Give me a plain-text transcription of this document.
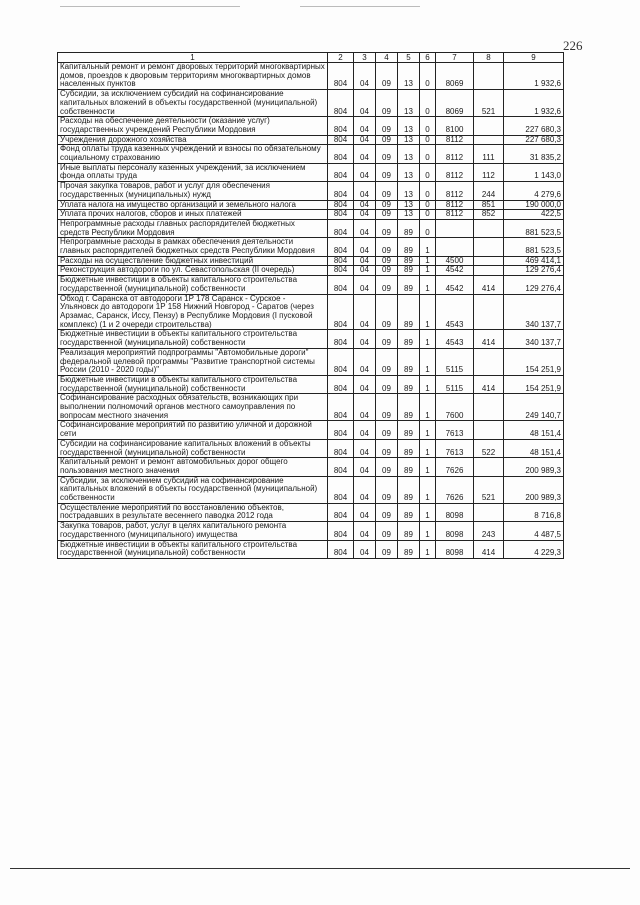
226
1	2	3	4	5	6	7	8	9
Капитальный ремонт и ремонт дворовых территорий многоквартирных домов, проездов к дворовым территориям многоквартирных домов населенных пунктов	804	04	09	13	0	8069		1 932,6
Субсидии, за исключением субсидий на софинансирование капитальных вложений в объекты государственной (муниципальной) собственности	804	04	09	13	0	8069	521	1 932,6
Расходы на обеспечение деятельности (оказание услуг) государственных учреждений Республики Мордовия	804	04	09	13	0	8100		227 680,3
Учреждения дорожного хозяйства	804	04	09	13	0	8112		227 680,3
Фонд оплаты труда казенных учреждений и взносы по обязательному социальному страхованию	804	04	09	13	0	8112	111	31 835,2
Иные выплаты персоналу казенных учреждений, за исключением фонда оплаты труда	804	04	09	13	0	8112	112	1 143,0
Прочая закупка товаров, работ и услуг для обеспечения государственных (муниципальных) нужд	804	04	09	13	0	8112	244	4 279,6
Уплата налога на имущество организаций и земельного налога	804	04	09	13	0	8112	851	190 000,0
Уплата прочих налогов, сборов и иных платежей	804	04	09	13	0	8112	852	422,5
Непрограммные расходы главных распорядителей бюджетных средств Республики Мордовия	804	04	09	89	0			881 523,5
Непрограммные расходы в рамках обеспечения деятельности главных распорядителей бюджетных средств Республики Мордовия	804	04	09	89	1			881 523,5
Расходы на осуществление бюджетных инвестиций	804	04	09	89	1	4500		469 414,1
Реконструкция автодороги по ул. Севастопольская (II очередь)	804	04	09	89	1	4542		129 276,4
Бюджетные инвестиции в объекты капитального строительства государственной (муниципальной) собственности	804	04	09	89	1	4542	414	129 276,4
Обход г. Саранска от автодороги 1Р 178 Саранск - Сурское - Ульяновск до автодороги 1Р 158 Нижний Новгород - Саратов (через Арзамас, Саранск, Иссу, Пензу) в Республике Мордовия (I пусковой комплекс) (1 и 2 очереди строительства)	804	04	09	89	1	4543		340 137,7
Бюджетные инвестиции в объекты капитального строительства государственной (муниципальной) собственности	804	04	09	89	1	4543	414	340 137,7
Реализация мероприятий подпрограммы "Автомобильные дороги" федеральной целевой программы "Развитие транспортной системы России (2010 - 2020 годы)"	804	04	09	89	1	5115		154 251,9
Бюджетные инвестиции в объекты капитального строительства государственной (муниципальной) собственности	804	04	09	89	1	5115	414	154 251,9
Софинансирование расходных обязательств, возникающих при выполнении полномочий органов местного самоуправления по вопросам местного значения	804	04	09	89	1	7600		249 140,7
Софинансирование мероприятий по развитию уличной и дорожной сети	804	04	09	89	1	7613		48 151,4
Субсидии на софинансирование капитальных вложений в объекты государственной (муниципальной) собственности	804	04	09	89	1	7613	522	48 151,4
Капитальный ремонт и ремонт автомобильных дорог общего пользования местного значения	804	04	09	89	1	7626		200 989,3
Субсидии, за исключением субсидий на софинансирование капитальных вложений в объекты государственной (муниципальной) собственности	804	04	09	89	1	7626	521	200 989,3
Осуществление мероприятий по восстановлению объектов, пострадавших в результате весеннего паводка 2012 года	804	04	09	89	1	8098		8 716,8
Закупка товаров, работ, услуг в целях капитального ремонта государственного (муниципального) имущества	804	04	09	89	1	8098	243	4 487,5
Бюджетные инвестиции в объекты капитального строительства государственной (муниципальной) собственности	804	04	09	89	1	8098	414	4 229,3
